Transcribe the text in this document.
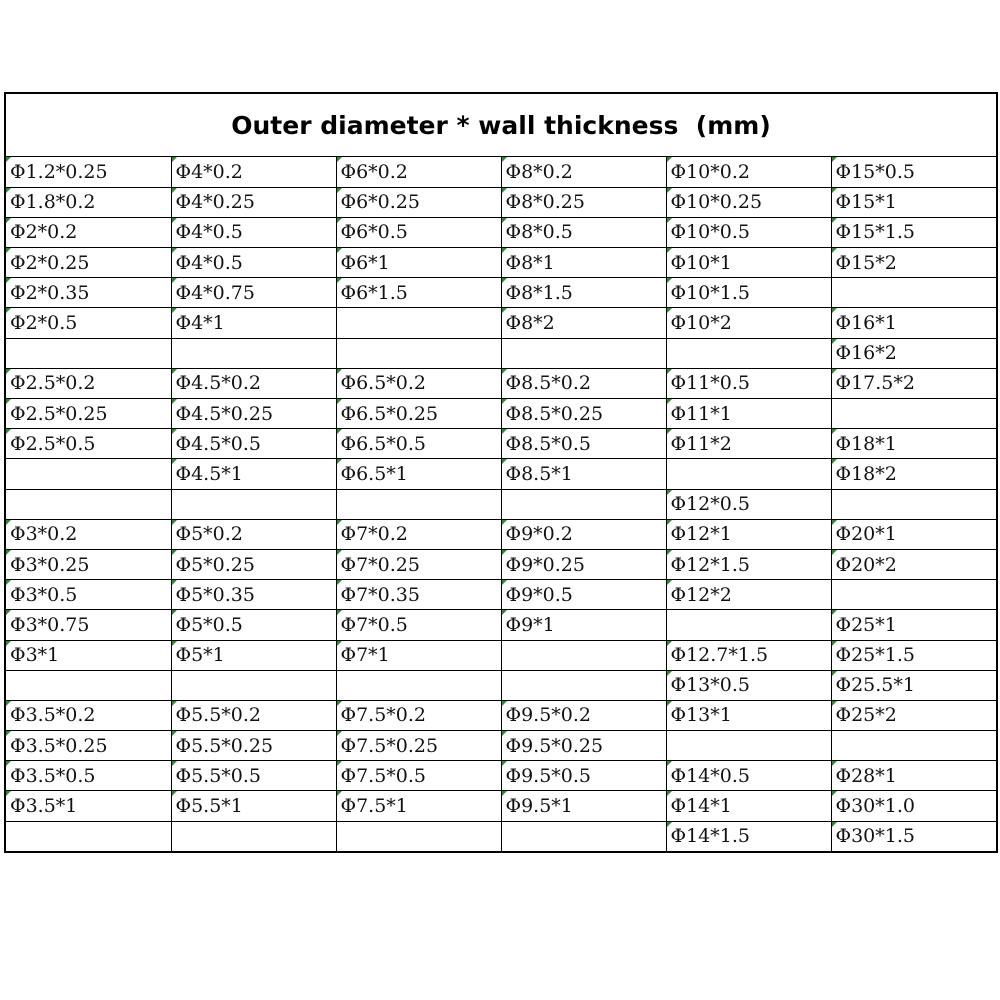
Outer diameter * wall thickness  (mm)
Φ1.2*0.25	Φ4*0.2	Φ6*0.2	Φ8*0.2	Φ10*0.2	Φ15*0.5
Φ1.8*0.2	Φ4*0.25	Φ6*0.25	Φ8*0.25	Φ10*0.25	Φ15*1
Φ2*0.2	Φ4*0.5	Φ6*0.5	Φ8*0.5	Φ10*0.5	Φ15*1.5
Φ2*0.25	Φ4*0.5	Φ6*1	Φ8*1	Φ10*1	Φ15*2
Φ2*0.35	Φ4*0.75	Φ6*1.5	Φ8*1.5	Φ10*1.5	
Φ2*0.5	Φ4*1		Φ8*2	Φ10*2	Φ16*1
					Φ16*2
Φ2.5*0.2	Φ4.5*0.2	Φ6.5*0.2	Φ8.5*0.2	Φ11*0.5	Φ17.5*2
Φ2.5*0.25	Φ4.5*0.25	Φ6.5*0.25	Φ8.5*0.25	Φ11*1	
Φ2.5*0.5	Φ4.5*0.5	Φ6.5*0.5	Φ8.5*0.5	Φ11*2	Φ18*1
	Φ4.5*1	Φ6.5*1	Φ8.5*1		Φ18*2
				Φ12*0.5	
Φ3*0.2	Φ5*0.2	Φ7*0.2	Φ9*0.2	Φ12*1	Φ20*1
Φ3*0.25	Φ5*0.25	Φ7*0.25	Φ9*0.25	Φ12*1.5	Φ20*2
Φ3*0.5	Φ5*0.35	Φ7*0.35	Φ9*0.5	Φ12*2	
Φ3*0.75	Φ5*0.5	Φ7*0.5	Φ9*1		Φ25*1
Φ3*1	Φ5*1	Φ7*1		Φ12.7*1.5	Φ25*1.5
				Φ13*0.5	Φ25.5*1
Φ3.5*0.2	Φ5.5*0.2	Φ7.5*0.2	Φ9.5*0.2	Φ13*1	Φ25*2
Φ3.5*0.25	Φ5.5*0.25	Φ7.5*0.25	Φ9.5*0.25		
Φ3.5*0.5	Φ5.5*0.5	Φ7.5*0.5	Φ9.5*0.5	Φ14*0.5	Φ28*1
Φ3.5*1	Φ5.5*1	Φ7.5*1	Φ9.5*1	Φ14*1	Φ30*1.0
				Φ14*1.5	Φ30*1.5
